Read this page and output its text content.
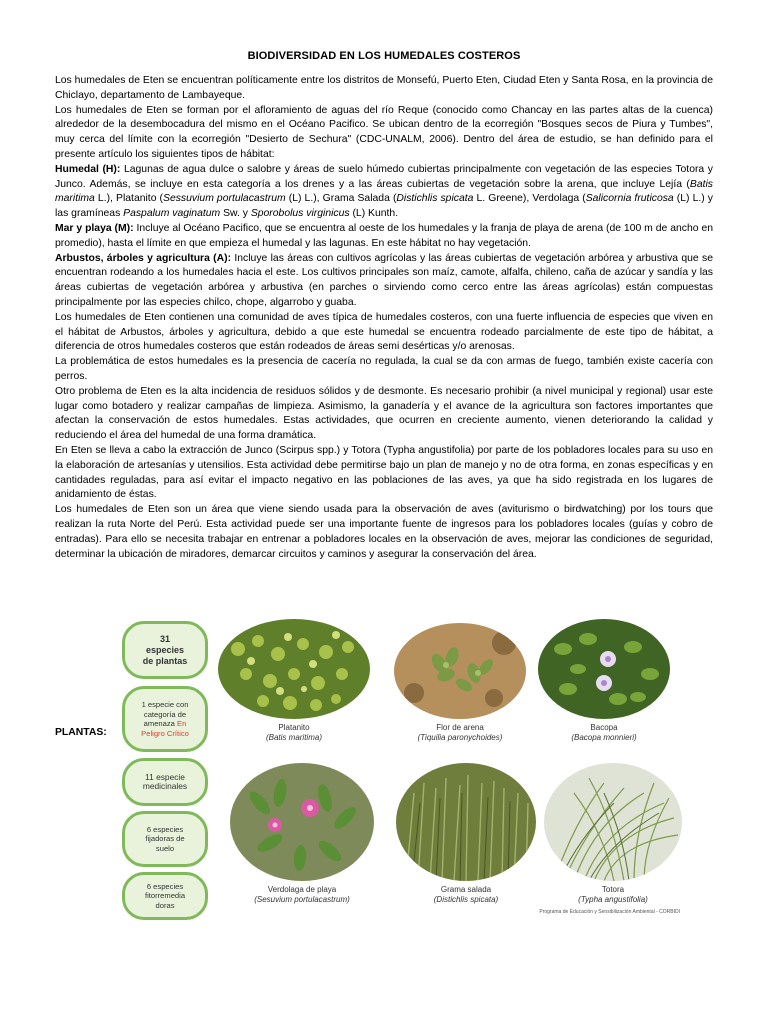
BIODIVERSIDAD EN LOS HUMEDALES COSTEROS

Los humedales de Eten se encuentran políticamente entre los distritos de Monsefú, Puerto Eten, Ciudad Eten y Santa Rosa, en la provincia de Chiclayo, departamento de Lambayeque.

Los humedales de Eten se forman por el afloramiento de aguas del río Reque (conocido como Chancay en las partes altas de la cuenca) alrededor de la desembocadura del mismo en el Océano Pacifico. Se ubican dentro de la ecorregión "Bosques secos de Piura y Tumbes", muy cerca del límite con la ecorregión "Desierto de Sechura" (CDC-UNALM, 2006). Dentro del área de estudio, se han definido para el presente artículo los siguientes tipos de hábitat:

Humedal (H): Lagunas de agua dulce o salobre y áreas de suelo húmedo cubiertas principalmente con vegetación de las especies Totora y Junco. Además, se incluye en esta categoría a los drenes y a las áreas cubiertas de vegetación sobre la arena, que incluye Lejía (Batis maritima L.), Platanito (Sessuvium portulacastrum (L) L.), Grama Salada (Distichlis spicata L. Greene), Verdolaga (Salicornia fruticosa (L) L.) y las gramíneas Paspalum vaginatum Sw. y Sporobolus virginicus (L) Kunth.

Mar y playa (M): Incluye al Océano Pacifico, que se encuentra al oeste de los humedales y la franja de playa de arena (de 100 m de ancho en promedio), hasta el límite en que empieza el humedal y las lagunas. En este hábitat no hay vegetación.

Arbustos, árboles y agricultura (A): Incluye las áreas con cultivos agrícolas y las áreas cubiertas de vegetación arbórea y arbustiva que se encuentran rodeando a los humedales hacia el este. Los cultivos principales son maíz, camote, alfalfa, chileno, caña de azúcar y sandía y las áreas cubiertas de vegetación arbórea y arbustiva (en parches o sirviendo como cerco entre las áreas agrícolas) están compuestas principalmente por las especies chilco, chope, algarrobo y guaba.

Los humedales de Eten contienen una comunidad de aves típica de humedales costeros, con una fuerte influencia de especies que viven en el hábitat de Arbustos, árboles y agricultura, debido a que este humedal se encuentra rodeado parcialmente de este tipo de hábitat, a diferencia de otros humedales costeros que están rodeados de áreas semi desérticas y/o arenosas.

La problemática de estos humedales es la presencia de cacería no regulada, la cual se da con armas de fuego, también existe cacería con perros.

Otro problema de Eten es la alta incidencia de residuos sólidos y de desmonte. Es necesario prohibir (a nivel municipal y regional) usar este lugar como botadero y realizar campañas de limpieza. Asimismo, la ganadería y el avance de la agricultura son factores importantes que afectan la conservación de estos humedales. Estas actividades, que ocurren en creciente aumento, vienen deteriorando la calidad y reduciendo el área del humedal de una forma dramática.

En Eten se lleva a cabo la extracción de Junco (Scirpus spp.) y Totora (Typha angustifolia) por parte de los pobladores locales para su uso en la elaboración de artesanías y utensilios. Esta actividad debe permitirse bajo un plan de manejo y no de otra forma, en zonas específicas y en cantidades reguladas, para así evitar el impacto negativo en las poblaciones de las aves, ya que ha sido registrada en los lugares de anidamiento de éstas.

Los humedales de Eten son un área que viene siendo usada para la observación de aves (aviturismo o birdwatching) por los tours que realizan la ruta Norte del Perú. Esta actividad puede ser una importante fuente de ingresos para los pobladores locales (guías y cobro de entradas). Para ello se necesita trabajar en entrenar a pobladores locales en la observación de aves, mejorar las condiciones de seguridad, determinar la ubicación de miradores, demarcar circuitos y caminos y asegurar la conservación del área.

PLANTAS:
31
especies
de plantas
1 especie con
categoría de
amenaza En
Peligro Crítico
11 especie
medicinales
6 especies
fijadoras de
suelo
6 especies
fitorremedia
doras
Platanito
(Batis maritima)
Flor de arena
(Tiquilia paronychoides)
Bacopa
(Bacopa monnieri)
Verdolaga de playa
(Sesuvium portulacastrum)
Grama salada
(Distichlis spicata)
Totora
(Typha angustifolia)
Programa de Educación y Sensibilización Ambiental - CORBIDI
